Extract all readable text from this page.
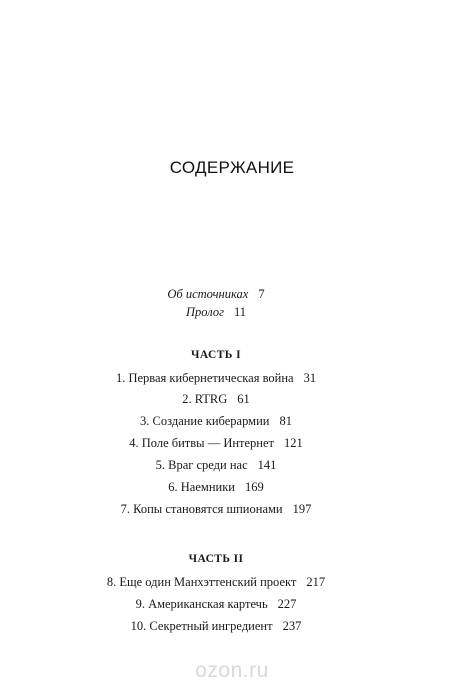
СОДЕРЖАНИЕ
Об источниках 7
Пролог 11
ЧАСТЬ I
1. Первая кибернетическая война 31
2. RTRG 61
3. Создание киберармии 81
4. Поле битвы — Интернет 121
5. Враг среди нас 141
6. Наемники 169
7. Копы становятся шпионами 197
ЧАСТЬ II
8. Еще один Манхэттенский проект 217
9. Американская картечь 227
10. Секретный ингредиент 237
ozon.ru
